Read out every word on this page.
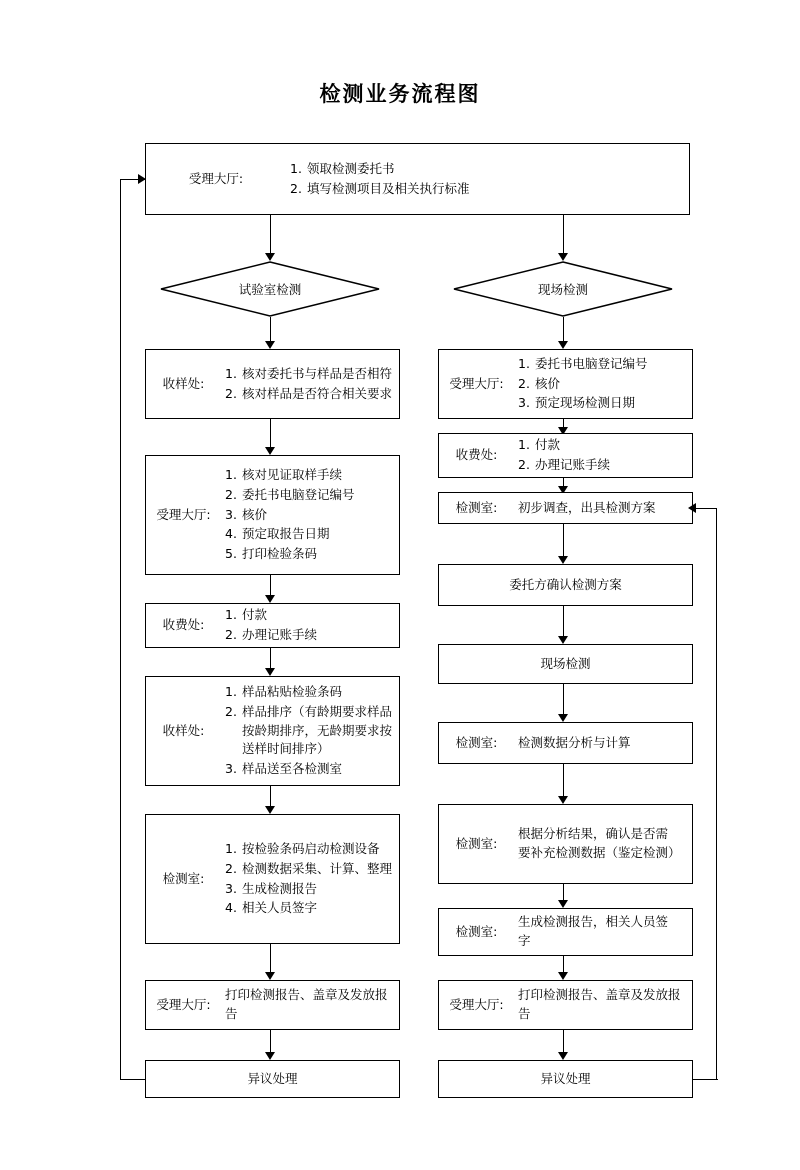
检测业务流程图
受理大厅:
1. 领取检测委托书
2. 填写检测项目及相关执行标准
试验室检测	现场检测
收样处:
1. 核对委托书与样品是否相符
2. 核对样品是否符合相关要求
受理大厅:
1. 核对见证取样手续
2. 委托书电脑登记编号
3. 核价
4. 预定取报告日期
5. 打印检验条码
收费处:
1. 付款
2. 办理记账手续
收样处:
1. 样品粘贴检验条码
2. 样品排序（有龄期要求样品按龄期排序，无龄期要求按送样时间排序）
3. 样品送至各检测室
检测室:
1. 按检验条码启动检测设备
2. 检测数据采集、计算、整理
3. 生成检测报告
4. 相关人员签字
受理大厅:
打印检测报告、盖章及发放报告
异议处理
受理大厅:
1. 委托书电脑登记编号
2. 核价
3. 预定现场检测日期
收费处:
1. 付款
2. 办理记账手续
检测室:	初步调查，出具检测方案
委托方确认检测方案
现场检测
检测室:	检测数据分析与计算
检测室:
根据分析结果，确认是否需要补充检测数据（鉴定检测）
检测室:
生成检测报告，相关人员签字
受理大厅:
打印检测报告、盖章及发放报告
异议处理
